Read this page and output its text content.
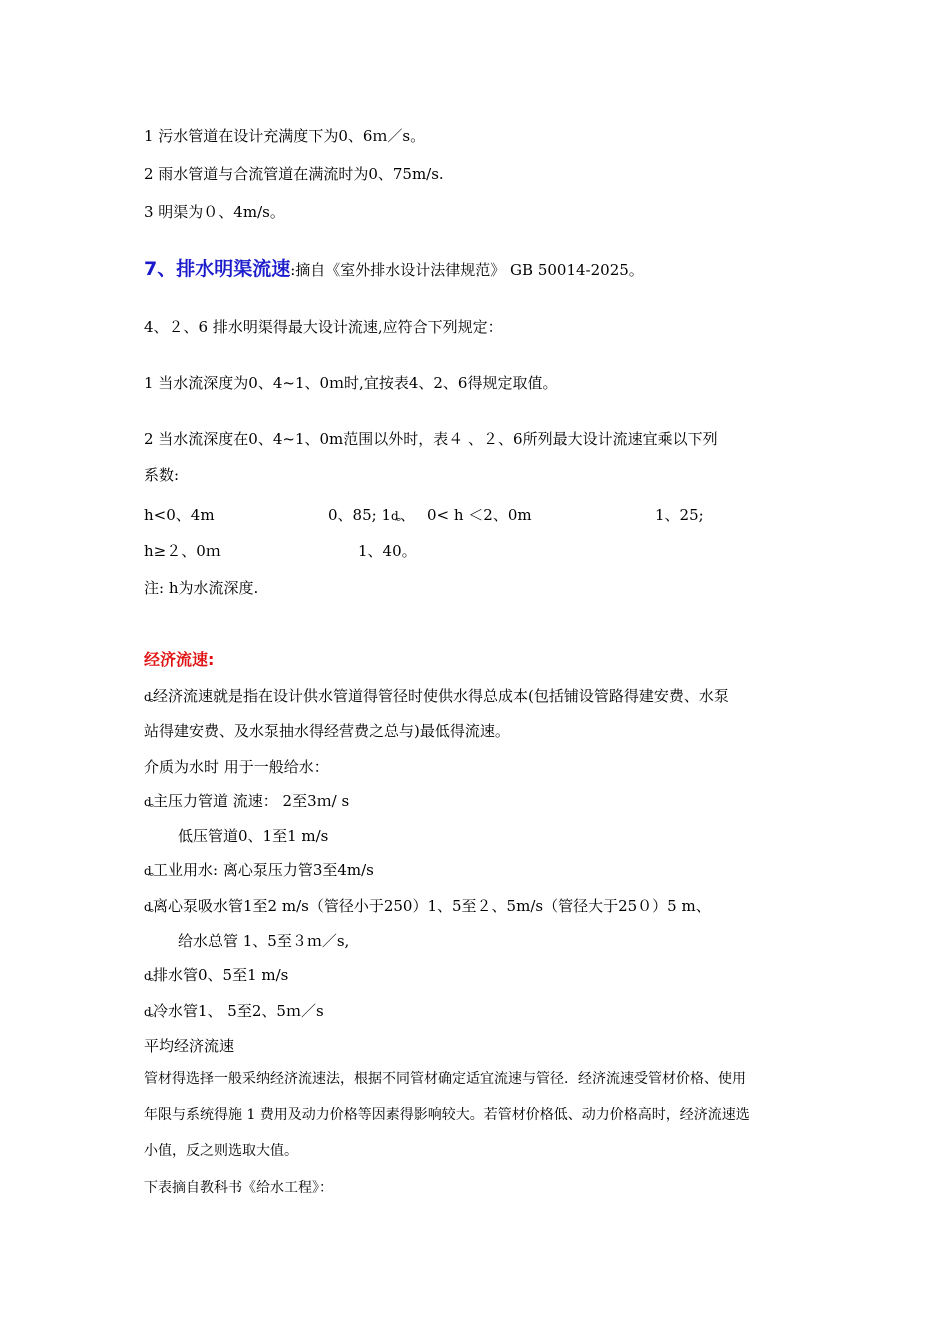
1 污水管道在设计充满度下为0、6ｍ／s。
2 雨水管道与合流管道在满流时为0、75m/s.
3 明渠为０、4m/s。
7、排水明渠流速:摘自《室外排水设计法律规范》 GB 50014-2025。
4、２、6 排水明渠得最大设计流速,应符合下列规定：
1 当水流深度为0、4~1、0ｍ时,宜按表4、2、6得规定取值。
2 当水流深度在0、4~1、0m范围以外时，表４ 、２、6所列最大设计流速宜乘以下列
系数:
h<0、4m	0、85; 1ȡ、 0< h ＜2、0m	1、25;
h≥２、0ｍ	1、40。
注: h为水流深度.
经济流速:
ȡ经济流速就是指在设计供水管道得管径时使供水得总成本(包括铺设管路得建安费、水泵
站得建安费、及水泵抽水得经营费之总与)最低得流速。
介质为水时 用于一般给水：
ȡ主压力管道 流速： 2至3ｍ/ s
低压管道0、1至1 m/s
ȡ工业用水: 离心泵压力管3至4m/s
ȡ离心泵吸水管1至2 m/s（管径小于250）1、5至２、5m/s（管径大于25０）5 m、
给水总管 1、5至３ｍ／s,
ȡ排水管0、5至1 m/s
ȡ冷水管1、 5至2、5ｍ／s
平均经济流速
管材得选择一般采纳经济流速法，根据不同管材确定适宜流速与管径．经济流速受管材价格、使用
年限与系统得施 1 费用及动力价格等因素得影响较大。若管材价格低、动力价格高时，经济流速选
小值，反之则选取大值。
下表摘自教科书《给水工程》：
